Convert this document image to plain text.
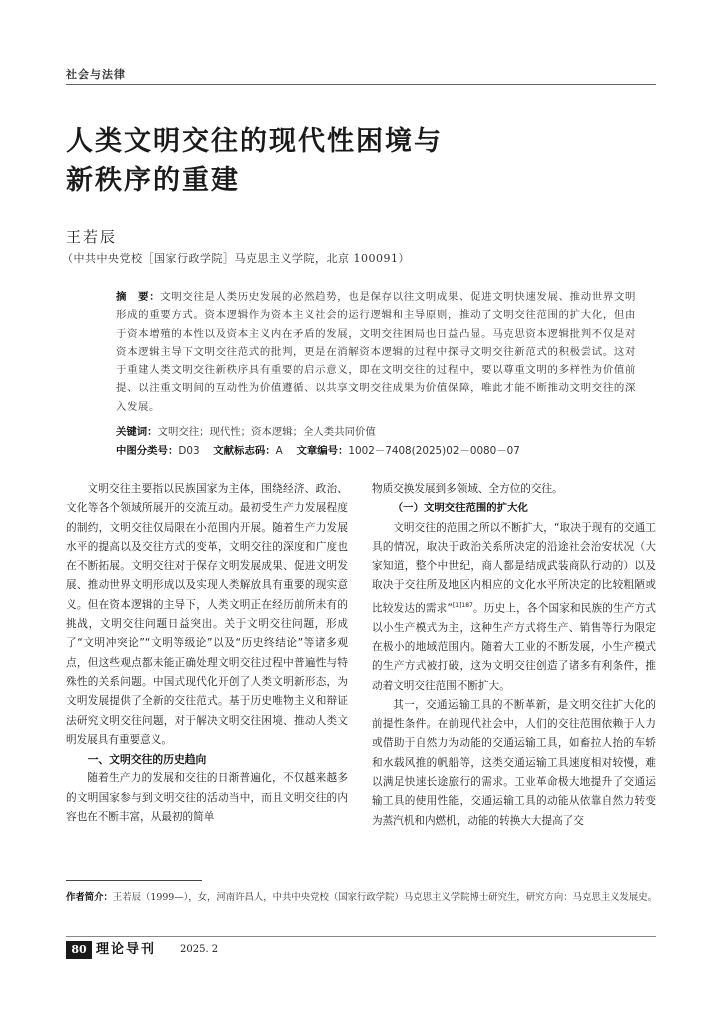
社会与法律
人类文明交往的现代性困境与
新秩序的重建
王若辰
（中共中央党校［国家行政学院］马克思主义学院，北京 100091）
摘　要：文明交往是人类历史发展的必然趋势，也是保存以往文明成果、促进文明快速发展、推动世界文明形成的重要方式。资本逻辑作为资本主义社会的运行逻辑和主导原则，推动了文明交往范围的扩大化，但由于资本增殖的本性以及资本主义内在矛盾的发展，文明交往困局也日益凸显。马克思资本逻辑批判不仅是对资本逻辑主导下文明交往范式的批判，更是在消解资本逻辑的过程中探寻文明交往新范式的积极尝试。这对于重建人类文明交往新秩序具有重要的启示意义，即在文明交往的过程中，要以尊重文明的多样性为价值前提、以注重文明间的互动性为价值遵循、以共享文明交往成果为价值保障，唯此才能不断推动文明交往的深入发展。
关键词：文明交往；现代性；资本逻辑；全人类共同价值
中图分类号：D03　 文献标志码：A　 文章编号：1002－7408(2025)02－0080－07

文明交往主要指以民族国家为主体，围绕经济、政治、文化等各个领域所展开的交流互动。最初受生产力发展程度的制约，文明交往仅局限在小范围内开展。随着生产力发展水平的提高以及交往方式的变革，文明交往的深度和广度也在不断拓展。文明交往对于保存文明发展成果、促进文明发展、推动世界文明形成以及实现人类解放具有重要的现实意义。但在资本逻辑的主导下，人类文明正在经历前所未有的挑战，文明交往问题日益突出。关于文明交往问题，形成了“文明冲突论”“文明等级论”以及“历史终结论”等诸多观点，但这些观点都未能正确处理文明交往过程中普遍性与特殊性的关系问题。中国式现代化开创了人类文明新形态，为文明发展提供了全新的交往范式。基于历史唯物主义和辩证法研究文明交往问题，对于解决文明交往困境、推动人类文明发展具有重要意义。

一、文明交往的历史趋向

随着生产力的发展和交往的日渐普遍化，不仅越来越多的文明国家参与到文明交往的活动当中，而且文明交往的内容也在不断丰富，从最初的简单

物质交换发展到多领域、全方位的交往。

（一）文明交往范围的扩大化

文明交往的范围之所以不断扩大，“取决于现有的交通工具的情况，取决于政治关系所决定的沿途社会治安状况（大家知道，整个中世纪，商人都是结成武装商队行动的）以及取决于交往所及地区内相应的文化水平所决定的比较粗陋或比较发达的需求”$^{[1]187}$。历史上，各个国家和民族的生产方式以小生产模式为主，这种生产方式将生产、销售等行为限定在极小的地域范围内。随着大工业的不断发展，小生产模式的生产方式被打破，这为文明交往创造了诸多有利条件，推动着文明交往范围不断扩大。

其一，交通运输工具的不断革新，是文明交往扩大化的前提性条件。在前现代社会中，人们的交往范围依赖于人力或借助于自然力为动能的交通运输工具，如畜拉人抬的车轿和水载风推的帆船等，这类交通运输工具速度相对较慢，难以满足快速长途旅行的需求。工业革命极大地提升了交通运输工具的使用性能，交通运输工具的动能从依靠自然力转变为蒸汽机和内燃机，动能的转换大大提高了交

作者简介：王若辰（1999—），女，河南许昌人，中共中央党校（国家行政学院）马克思主义学院博士研究生，研究方向：马克思主义发展史。
80 理论导刊 2025. 2
